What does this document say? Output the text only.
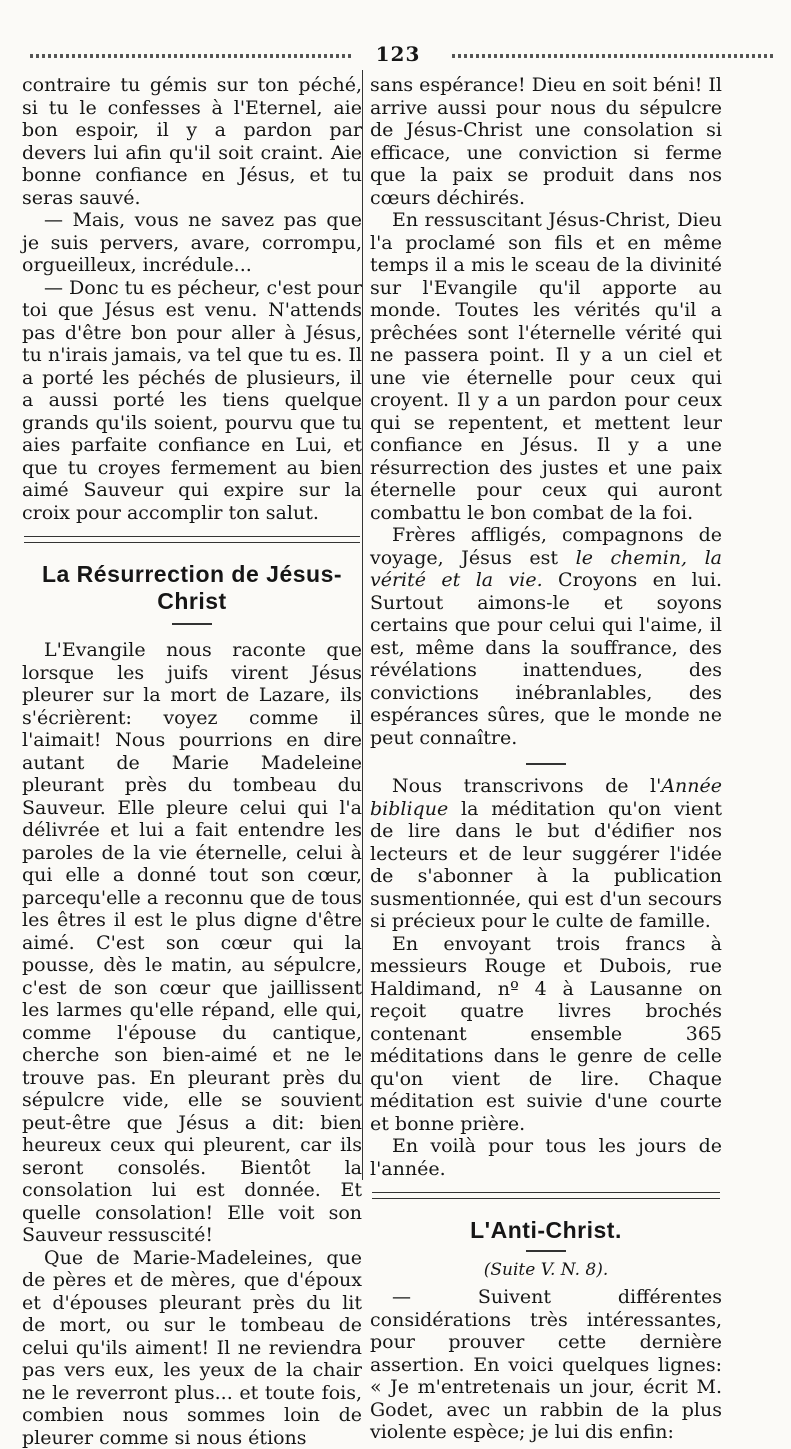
123

contraire tu gémis sur ton péché, si tu le confesses à l'Eternel, aie bon espoir, il y a pardon par devers lui afin qu'il soit craint. Aie bonne confiance en Jésus, et tu seras sauvé.

— Mais, vous ne savez pas que je suis pervers, avare, corrompu, orgueilleux, incrédule...

— Donc tu es pécheur, c'est pour toi que Jésus est venu. N'attends pas d'être bon pour aller à Jésus, tu n'irais jamais, va tel que tu es. Il a porté les péchés de plusieurs, il a aussi porté les tiens quelque grands qu'ils soient, pourvu que tu aies parfaite confiance en Lui, et que tu croyes fermement au bien aimé Sauveur qui expire sur la croix pour accomplir ton salut.

La Résurrection de Jésus-Christ

L'Evangile nous raconte que lorsque les juifs virent Jésus pleurer sur la mort de Lazare, ils s'écrièrent: voyez comme il l'aimait! Nous pourrions en dire autant de Marie Madeleine pleurant près du tombeau du Sauveur. Elle pleure celui qui l'a délivrée et lui a fait entendre les paroles de la vie éternelle, celui à qui elle a donné tout son cœur, parcequ'elle a reconnu que de tous les êtres il est le plus digne d'être aimé. C'est son cœur qui la pousse, dès le matin, au sépulcre, c'est de son cœur que jaillissent les larmes qu'elle répand, elle qui, comme l'épouse du cantique, cherche son bien-aimé et ne le trouve pas. En pleurant près du sépulcre vide, elle se souvient peut-être que Jésus a dit: bien heureux ceux qui pleurent, car ils seront consolés. Bientôt la consolation lui est donnée. Et quelle consolation! Elle voit son Sauveur ressuscité!

Que de Marie-Madeleines, que de pères et de mères, que d'époux et d'épouses pleurant près du lit de mort, ou sur le tombeau de celui qu'ils aiment! Il ne reviendra pas vers eux, les yeux de la chair ne le reverront plus... et toute fois, combien nous sommes loin de pleurer comme si nous étions

sans espérance! Dieu en soit béni! Il arrive aussi pour nous du sépulcre de Jésus-Christ une consolation si efficace, une conviction si ferme que la paix se produit dans nos cœurs déchirés.

En ressuscitant Jésus-Christ, Dieu l'a proclamé son fils et en même temps il a mis le sceau de la divinité sur l'Evangile qu'il apporte au monde. Toutes les vérités qu'il a prêchées sont l'éternelle vérité qui ne passera point. Il y a un ciel et une vie éternelle pour ceux qui croyent. Il y a un pardon pour ceux qui se repentent, et mettent leur confiance en Jésus. Il y a une résurrection des justes et une paix éternelle pour ceux qui auront combattu le bon combat de la foi.

Frères affligés, compagnons de voyage, Jésus est le chemin, la vérité et la vie. Croyons en lui. Surtout aimons-le et soyons certains que pour celui qui l'aime, il est, même dans la souffrance, des révélations inattendues, des convictions inébranlables, des espérances sûres, que le monde ne peut connaître.

Nous transcrivons de l'Année biblique la méditation qu'on vient de lire dans le but d'édifier nos lecteurs et de leur suggérer l'idée de s'abonner à la publication susmentionnée, qui est d'un secours si précieux pour le culte de famille.

En envoyant trois francs à messieurs Rouge et Dubois, rue Haldimand, nº 4 à Lausanne on reçoit quatre livres brochés contenant ensemble 365 méditations dans le genre de celle qu'on vient de lire. Chaque méditation est suivie d'une courte et bonne prière.

En voilà pour tous les jours de l'année.

L'Anti-Christ.
(Suite V. N. 8).

— Suivent différentes considérations très intéressantes, pour prouver cette dernière assertion. En voici quelques lignes: « Je m'entretenais un jour, écrit M. Godet, avec un rabbin de la plus violente espèce; je lui dis enfin:
